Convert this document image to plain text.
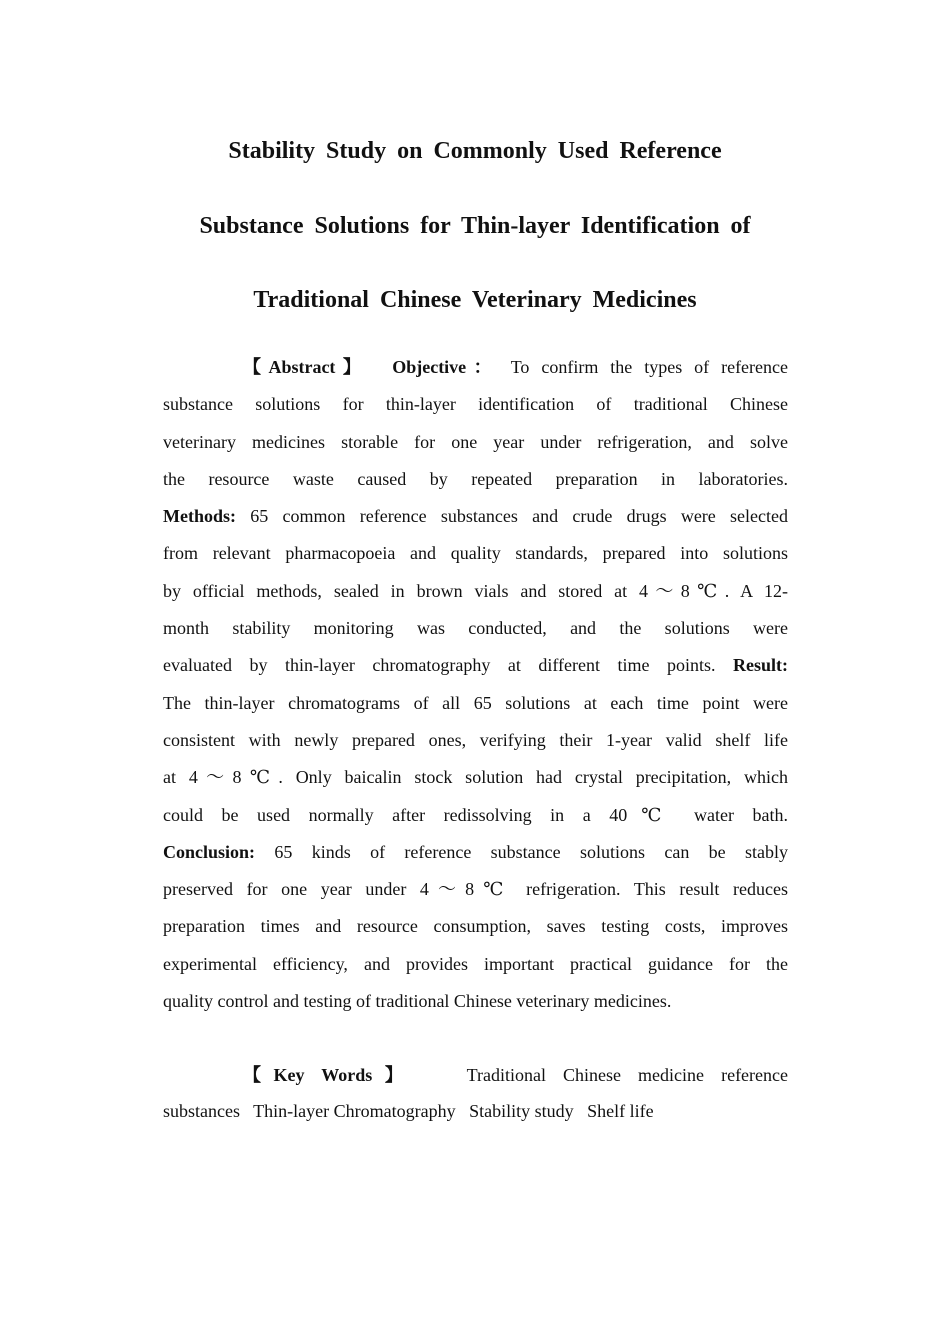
Stability Study on Commonly Used Reference
Substance Solutions for Thin-layer Identification of
Traditional Chinese Veterinary Medicines
【Abstract】 Objective： To confirm the types of reference
substance solutions for thin-layer identification of traditional Chinese
veterinary medicines storable for one year under refrigeration, and solve
the resource waste caused by repeated preparation in laboratories.
Methods: 65 common reference substances and crude drugs were selected
from relevant pharmacopoeia and quality standards, prepared into solutions
by official methods, sealed in brown vials and stored at 4～8℃. A 12-
month stability monitoring was conducted, and the solutions were
evaluated by thin-layer chromatography at different time points. Result:
The thin-layer chromatograms of all 65 solutions at each time point were
consistent with newly prepared ones, verifying their 1-year valid shelf life
at 4～8℃. Only baicalin stock solution had crystal precipitation, which
could be used normally after redissolving in a 40℃ water bath.
Conclusion: 65 kinds of reference substance solutions can be stably
preserved for one year under 4～8℃ refrigeration. This result reduces
preparation times and resource consumption, saves testing costs, improves
experimental efficiency, and provides important practical guidance for the
quality control and testing of traditional Chinese veterinary medicines.
【Key Words】	Traditional Chinese medicine reference
substances   Thin-layer Chromatography   Stability study   Shelf life
